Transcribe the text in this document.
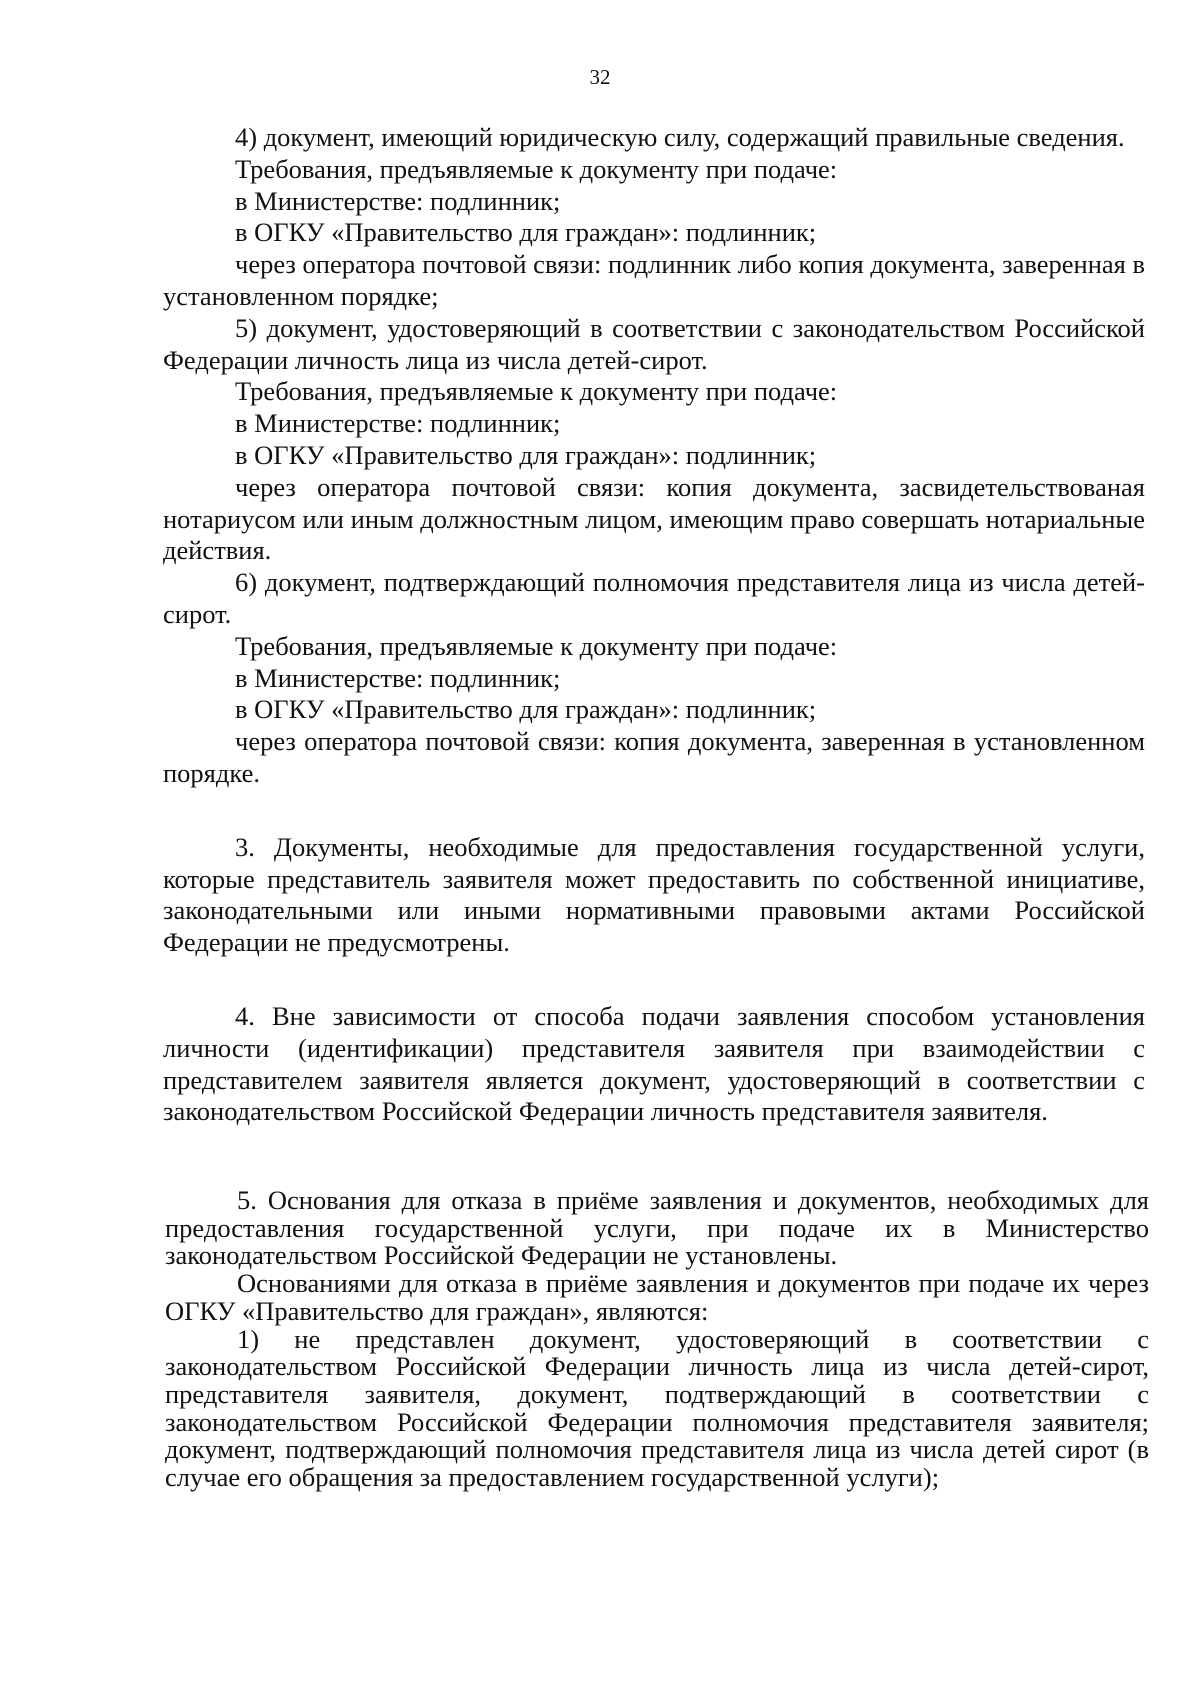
32

4) документ, имеющий юридическую силу, содержащий правильные сведения.

Требования, предъявляемые к документу при подаче:

в Министерстве: подлинник;

в ОГКУ «Правительство для граждан»: подлинник;

через оператора почтовой связи: подлинник либо копия документа, заверенная в установленном порядке;

5) документ, удостоверяющий в соответствии с законодательством Российской Федерации личность лица из числа детей-сирот.

Требования, предъявляемые к документу при подаче:

в Министерстве: подлинник;

в ОГКУ «Правительство для граждан»: подлинник;

через оператора почтовой связи: копия документа, засвидетельствованая нотариусом или иным должностным лицом, имеющим право совершать нотариальные действия.

6) документ, подтверждающий полномочия представителя лица из числа детей-сирот.

Требования, предъявляемые к документу при подаче:

в Министерстве: подлинник;

в ОГКУ «Правительство для граждан»: подлинник;

через оператора почтовой связи: копия документа, заверенная в установленном порядке.

3. Документы, необходимые для предоставления государственной услуги, которые представитель заявителя может предоставить по собственной инициативе, законодательными или иными нормативными правовыми актами Российской Федерации не предусмотрены.

4. Вне зависимости от способа подачи заявления способом установления личности (идентификации) представителя заявителя при взаимодействии с представителем заявителя является документ, удостоверяющий в соответствии с законодательством Российской Федерации личность представителя заявителя.

5. Основания для отказа в приёме заявления и документов, необходимых для предоставления государственной услуги, при подаче их в Министерство законодательством Российской Федерации не установлены.

Основаниями для отказа в приёме заявления и документов при подаче их через ОГКУ «Правительство для граждан», являются:

1) не представлен документ, удостоверяющий в соответствии с законодательством Российской Федерации личность лица из числа детей-сирот, представителя заявителя, документ, подтверждающий в соответствии с законодательством Российской Федерации полномочия представителя заявителя; документ, подтверждающий полномочия представителя лица из числа детей сирот (в случае его обращения за предоставлением государственной услуги);
